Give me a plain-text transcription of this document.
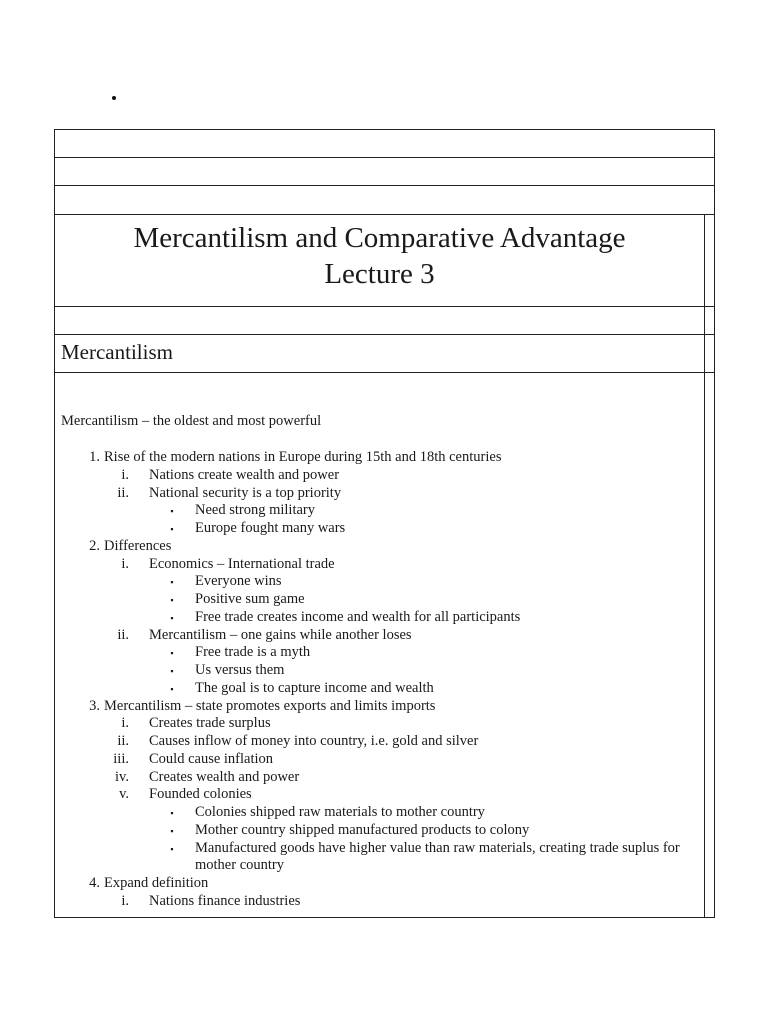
Mercantilism and Comparative Advantage
Lecture 3
Mercantilism
Mercantilism – the oldest and most powerful
1. Rise of the modern nations in Europe during 15th and 18th centuries
i. Nations create wealth and power
ii. National security is a top priority
▪ Need strong military
▪ Europe fought many wars
2. Differences
i. Economics – International trade
▪ Everyone wins
▪ Positive sum game
▪ Free trade creates income and wealth for all participants
ii. Mercantilism – one gains while another loses
▪ Free trade is a myth
▪ Us versus them
▪ The goal is to capture income and wealth
3. Mercantilism – state promotes exports and limits imports
i. Creates trade surplus
ii. Causes inflow of money into country, i.e. gold and silver
iii. Could cause inflation
iv. Creates wealth and power
v. Founded colonies
▪ Colonies shipped raw materials to mother country
▪ Mother country shipped manufactured products to colony
▪ Manufactured goods have higher value than raw materials, creating trade suplus for
mother country
4. Expand definition
i. Nations finance industries
